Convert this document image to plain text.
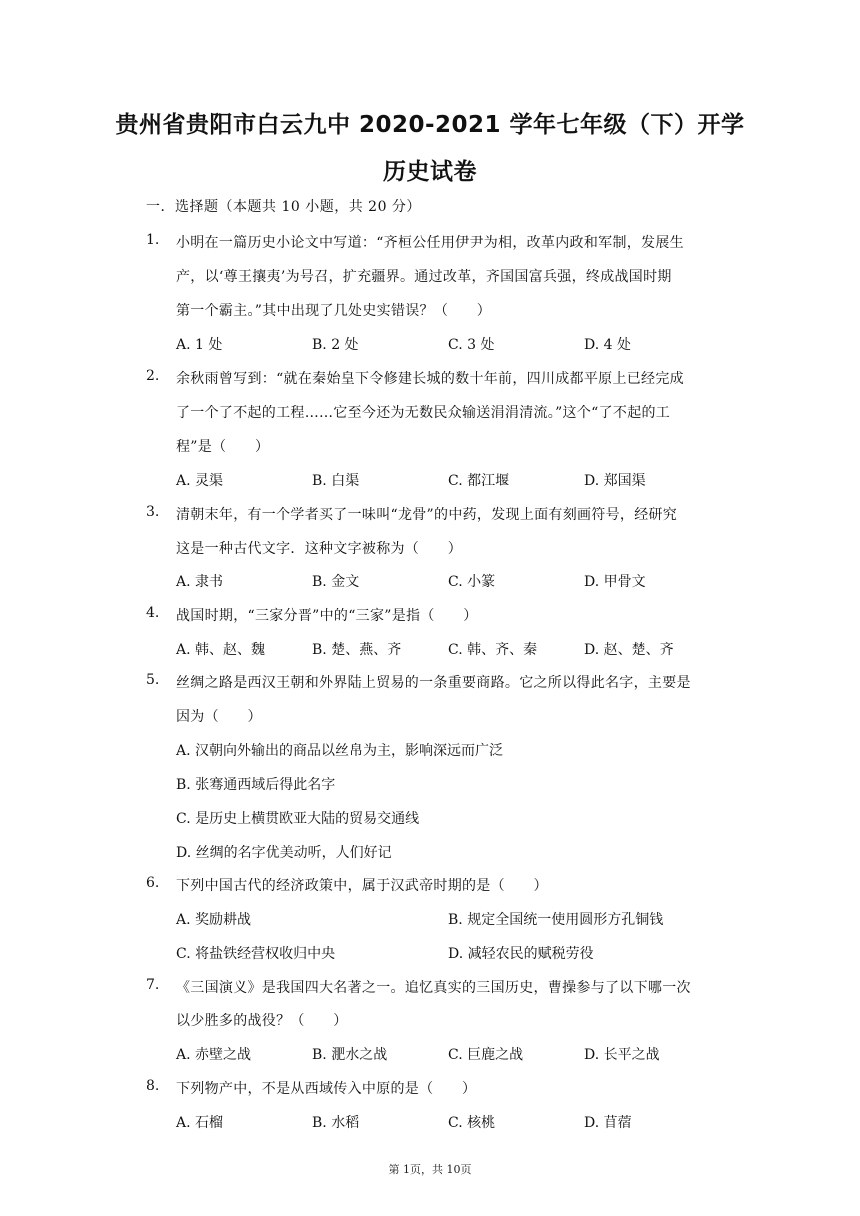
贵州省贵阳市白云九中 2020-2021 学年七年级（下）开学
历史试卷
一．选择题（本题共 10 小题，共 20 分）
1. 小明在一篇历史小论文中写道：“齐桓公任用伊尹为相，改革内政和军制，发展生
产，以‘尊王攘夷’为号召，扩充疆界。通过改革，齐国国富兵强，终成战国时期
第一个霸主。”其中出现了几处史实错误？（　　）
A. 1 处	B. 2 处	C. 3 处	D. 4 处
2. 余秋雨曾写到：“就在秦始皇下令修建长城的数十年前，四川成都平原上已经完成
了一个了不起的工程……它至今还为无数民众输送涓涓清流。”这个“了不起的工
程”是（　　）
A. 灵渠	B. 白渠	C. 都江堰	D. 郑国渠
3. 清朝末年，有一个学者买了一味叫“龙骨”的中药，发现上面有刻画符号，经研究
这是一种古代文字．这种文字被称为（　　）
A. 隶书	B. 金文	C. 小篆	D. 甲骨文
4. 战国时期，“三家分晋”中的“三家”是指（　　）
A. 韩、赵、魏	B. 楚、燕、齐	C. 韩、齐、秦	D. 赵、楚、齐
5. 丝绸之路是西汉王朝和外界陆上贸易的一条重要商路。它之所以得此名字，主要是
因为（　　）
A. 汉朝向外输出的商品以丝帛为主，影响深远而广泛
B. 张骞通西域后得此名字
C. 是历史上横贯欧亚大陆的贸易交通线
D. 丝绸的名字优美动听，人们好记
6. 下列中国古代的经济政策中，属于汉武帝时期的是（　　）
A. 奖励耕战	B. 规定全国统一使用圆形方孔铜钱
C. 将盐铁经营权收归中央	D. 减轻农民的赋税劳役
7. 《三国演义》是我国四大名著之一。追忆真实的三国历史，曹操参与了以下哪一次
以少胜多的战役？（　　）
A. 赤壁之战	B. 淝水之战	C. 巨鹿之战	D. 长平之战
8. 下列物产中，不是从西域传入中原的是（　　）
A. 石榴	B. 水稻	C. 核桃	D. 苜蓿
第 1页，共 10页
